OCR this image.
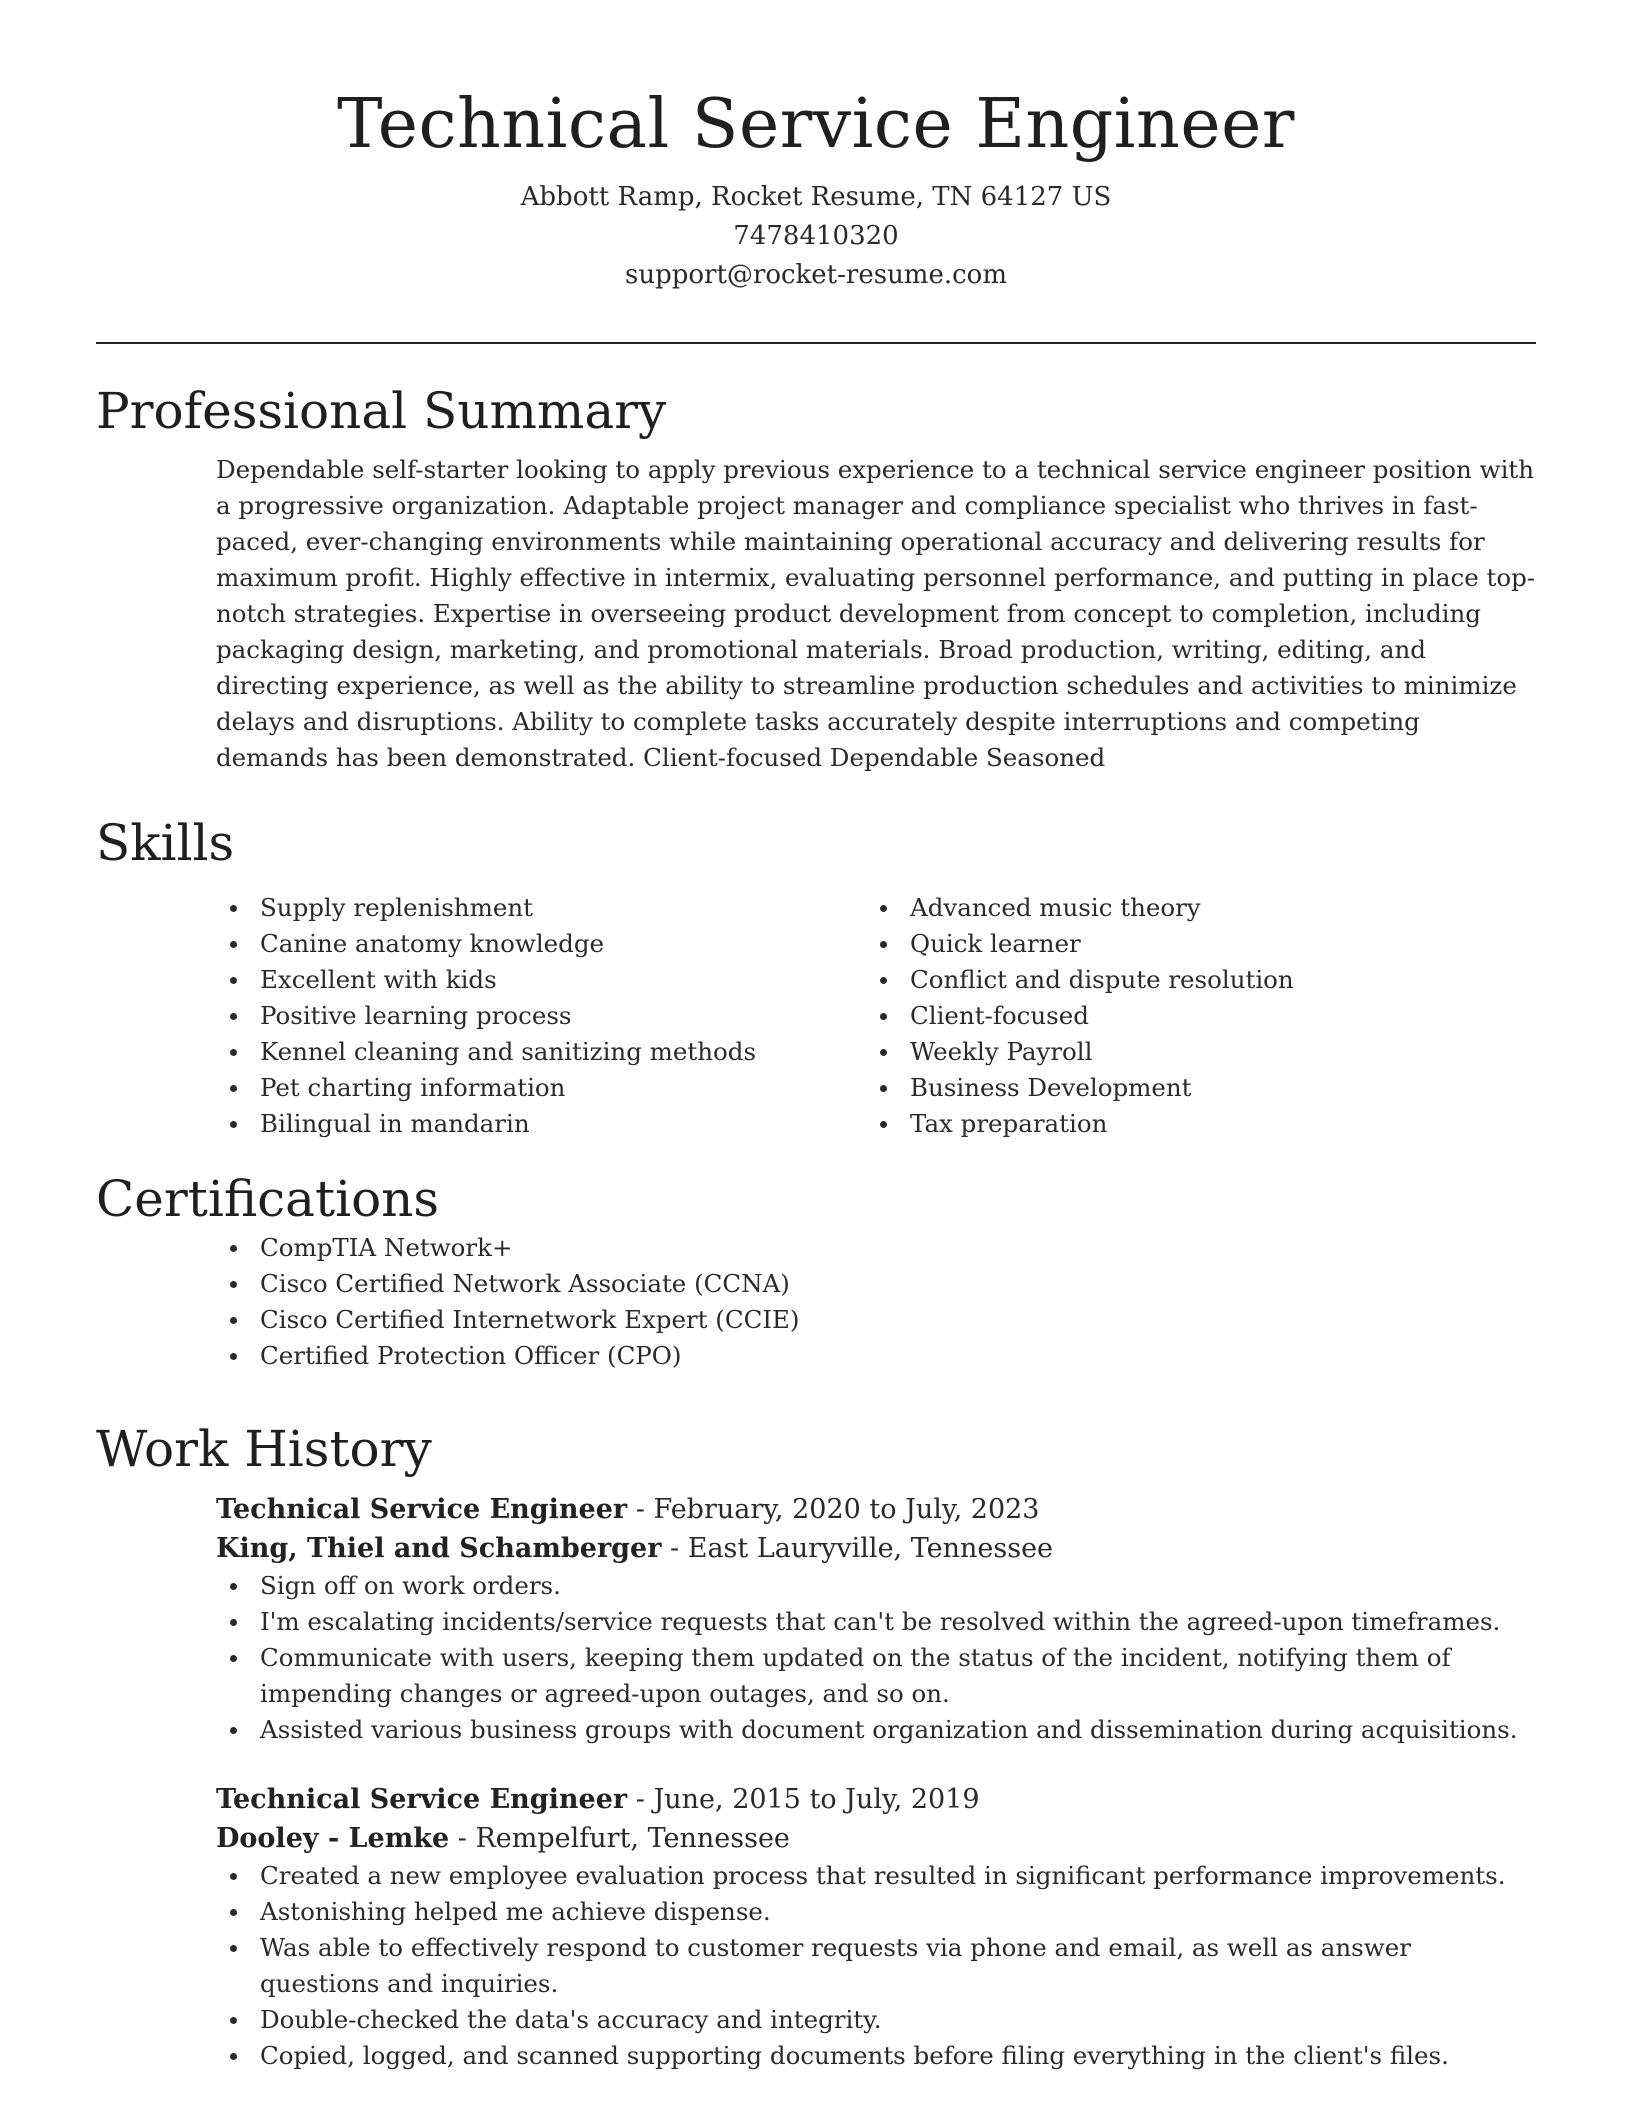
Technical Service Engineer
Abbott Ramp, Rocket Resume, TN 64127 US
7478410320
support@rocket-resume.com
Professional Summary

Dependable self-starter looking to apply previous experience to a technical service engineer position with a progressive organization. Adaptable project manager and compliance specialist who thrives in fast-paced, ever-changing environments while maintaining operational accuracy and delivering results for maximum profit. Highly effective in intermix, evaluating personnel performance, and putting in place top-notch strategies. Expertise in overseeing product development from concept to completion, including packaging design, marketing, and promotional materials. Broad production, writing, editing, and directing experience, as well as the ability to streamline production schedules and activities to minimize delays and disruptions. Ability to complete tasks accurately despite interruptions and competing demands has been demonstrated. Client-focused Dependable Seasoned

Skills
Supply replenishment
Canine anatomy knowledge
Excellent with kids
Positive learning process
Kennel cleaning and sanitizing methods
Pet charting information
Bilingual in mandarin
Advanced music theory
Quick learner
Conflict and dispute resolution
Client-focused
Weekly Payroll
Business Development
Tax preparation
Certifications
CompTIA Network+
Cisco Certified Network Associate (CCNA)
Cisco Certified Internetwork Expert (CCIE)
Certified Protection Officer (CPO)
Work History
Technical Service Engineer - February, 2020 to July, 2023
King, Thiel and Schamberger - East Lauryville, Tennessee
Sign off on work orders.
I'm escalating incidents/service requests that can't be resolved within the agreed-upon timeframes.
Communicate with users, keeping them updated on the status of the incident, notifying them of impending changes or agreed-upon outages, and so on.
Assisted various business groups with document organization and dissemination during acquisitions.
Technical Service Engineer - June, 2015 to July, 2019
Dooley - Lemke - Rempelfurt, Tennessee
Created a new employee evaluation process that resulted in significant performance improvements.
Astonishing helped me achieve dispense.
Was able to effectively respond to customer requests via phone and email, as well as answer questions and inquiries.
Double-checked the data's accuracy and integrity.
Copied, logged, and scanned supporting documents before filing everything in the client's files.
